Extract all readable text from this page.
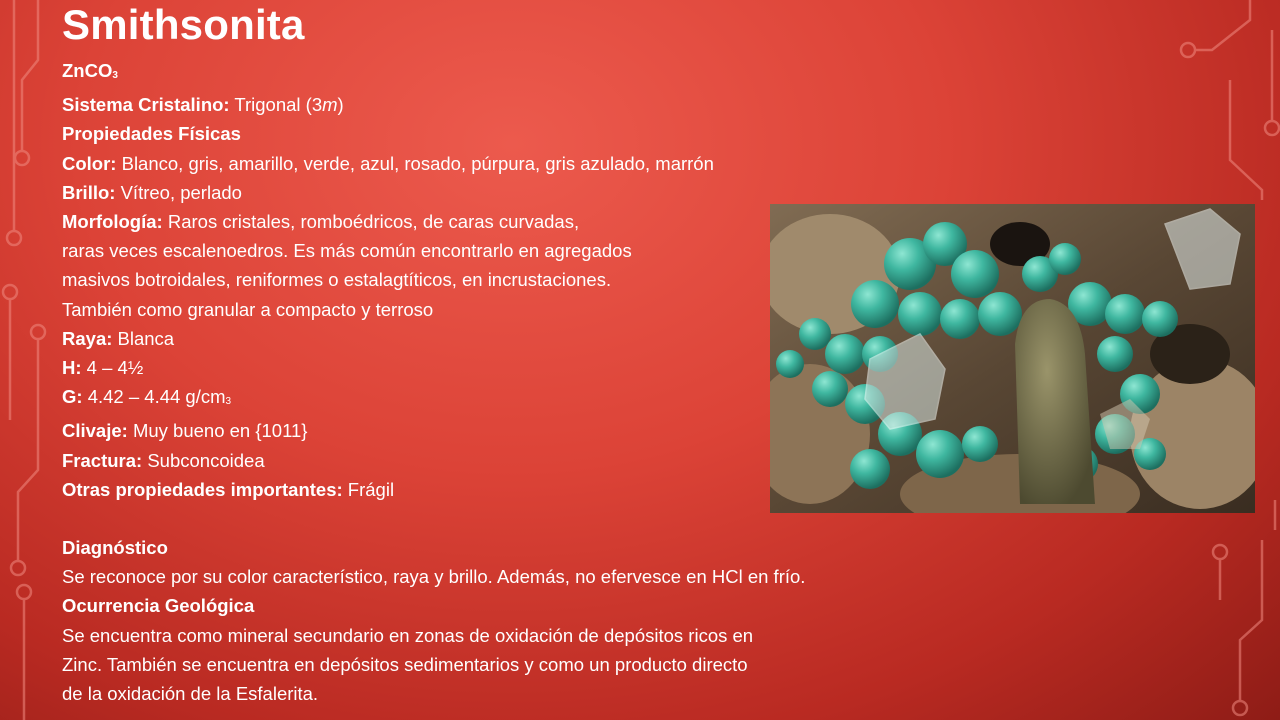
Smithsonita

ZnCO3

Sistema Cristalino: Trigonal (3m)

Propiedades Físicas

Color: Blanco, gris, amarillo, verde, azul, rosado, púrpura, gris azulado, marrón

Brillo: Vítreo, perlado

Morfología: Raros cristales, romboédricos, de caras curvadas,

raras veces escalenoedros. Es más común encontrarlo en agregados

masivos botroidales, reniformes o estalagtíticos, en incrustaciones.

También como granular a compacto y terroso

Raya: Blanca

H: 4 – 4½

G: 4.42 – 4.44 g/cm3

Clivaje: Muy bueno en {1011}

Fractura: Subconcoidea

Otras propiedades importantes: Frágil

Diagnóstico

Se reconoce por su color característico, raya y brillo. Además, no efervesce en HCl en frío.

Ocurrencia Geológica

Se encuentra como mineral secundario en zonas de oxidación de depósitos ricos en

Zinc. También se encuentra en depósitos sedimentarios y como un producto directo

de la oxidación de la Esfalerita.
